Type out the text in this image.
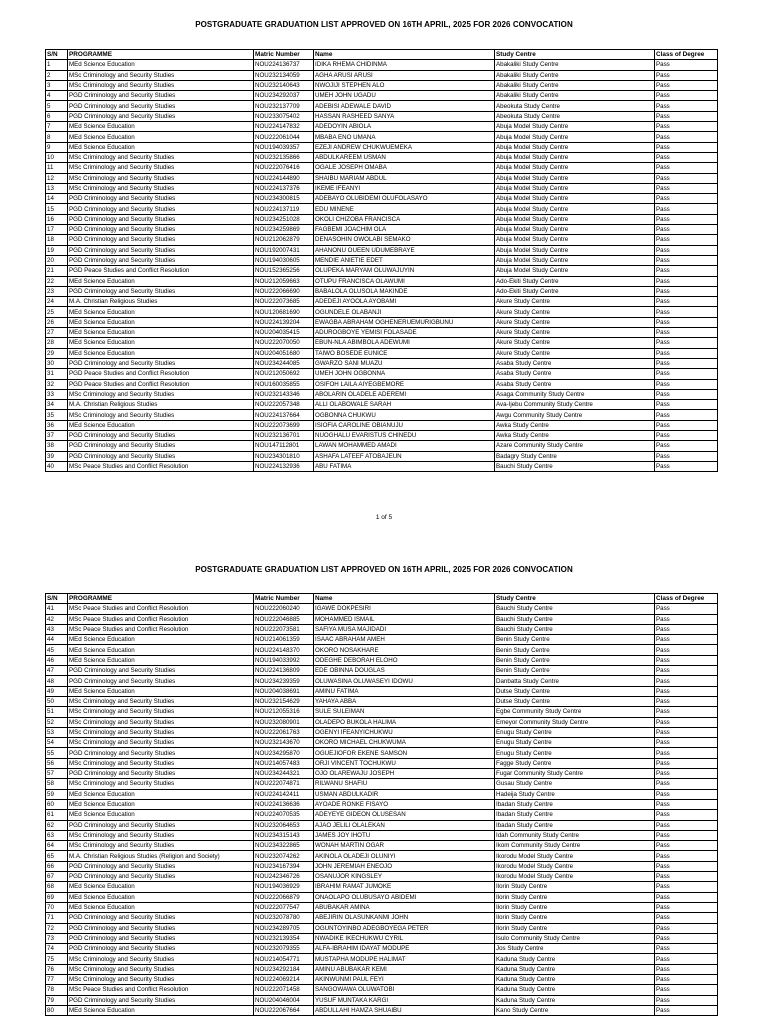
POSTGRADUATE GRADUATION LIST APPROVED ON 16TH APRIL, 2025 FOR 2026 CONVOCATION
S/N	PROGRAMME	Matric Number	Name	Study Centre	Class of Degree
1	MEd Science Education	NOU224136737	IDIKA RHEMA CHIDINMA	Abakaliki Study Centre	Pass
2	MSc Criminology and Security Studies	NOU232134059	AGHA ARUSI ARUSI	Abakaliki Study Centre	Pass
3	MSc Criminology and Security Studies	NOU232140643	NWOJIJI STEPHEN ALO	Abakaliki Study Centre	Pass
4	PGD Criminology and Security Studies	NOU234292037	UMEH JOHN UGADU	Abakaliki Study Centre	Pass
5	PGD Criminology and Security Studies	NOU232137709	ADEBISI ADEWALE DAVID	Abeokuta Study Centre	Pass
6	PGD Criminology and Security Studies	NOU233075402	HASSAN RASHEED SANYA	Abeokuta Study Centre	Pass
7	MEd Science Education	NOU224147832	ADEDOYIN ABIOLA	Abuja Model Study Centre	Pass
8	MEd Science Education	NOU222061044	MBABA ENO UMANA	Abuja Model Study Centre	Pass
9	MEd Science Education	NOU194039357	EZEJI ANDREW CHUKWUEMEKA	Abuja Model Study Centre	Pass
10	MSc Criminology and Security Studies	NOU232135866	ABDULKAREEM USMAN	Abuja Model Study Centre	Pass
11	MSc Criminology and Security Studies	NOU222076416	OGALE JOSEPH OMABA	Abuja Model Study Centre	Pass
12	MSc Criminology and Security Studies	NOU224144890	SHAIBU MARIAM ABDUL	Abuja Model Study Centre	Pass
13	MSc Criminology and Security Studies	NOU224137376	IKEME IFEANYI	Abuja Model Study Centre	Pass
14	PGD Criminology and Security Studies	NOU234300815	ADEBAYO OLUBIDEMI OLUFOLASAYO	Abuja Model Study Centre	Pass
15	PGD Criminology and Security Studies	NOU224137119	EDU MINENE	Abuja Model Study Centre	Pass
16	PGD Criminology and Security Studies	NOU234251028	OKOLI CHIZOBA FRANCISCA	Abuja Model Study Centre	Pass
17	PGD Criminology and Security Studies	NOU234259869	FAGBEMI JOACHIM OLA	Abuja Model Study Centre	Pass
18	PGD Criminology and Security Studies	NOU212062879	DENASOHIN OWOLABI SEMAKO	Abuja Model Study Centre	Pass
19	PGD Criminology and Security Studies	NOU192007431	AHANONU OUEEN UDUMEBRAYE	Abuja Model Study Centre	Pass
20	PGD Criminology and Security Studies	NOU194030605	MENDIE ANIETIE EDET	Abuja Model Study Centre	Pass
21	PGD Peace Studies and Conflict Resolution	NOU152365256	OLUPEKA MARYAM OLUWAJUYIN	Abuja Model Study Centre	Pass
22	MEd Science Education	NOU212059663	OTUPU FRANCISCA OLAWUMI	Ado-Ekiti Study Centre	Pass
23	PGD Criminology and Security Studies	NOU222066690	BABALOLA OLUSOLA MAKINDE	Ado-Ekiti Study Centre	Pass
24	M.A. Christian Religious Studies	NOU222073685	ADEDEJI AYOOLA AYOBAMI	Akure Study Centre	Pass
25	MEd Science Education	NOU120681690	OGUNDELE OLABANJI	Akure Study Centre	Pass
26	MEd Science Education	NOU224139204	EWAGBA ABRAHAM OGHENERUEMURIGBUNU	Akure Study Centre	Pass
27	MEd Science Education	NOU204035415	ADUROGBOYE YEMISI FOLASADE	Akure Study Centre	Pass
28	MEd Science Education	NOU222070050	EBUN-NLA ABIMBOLA ADEWUMI	Akure Study Centre	Pass
29	MEd Science Education	NOU204051680	TAIWO BOSEDE EUNICE	Akure Study Centre	Pass
30	PGD Criminology and Security Studies	NOU234244085	GWARZO SANI MUAZU	Asaba Study Centre	Pass
31	PGD Peace Studies and Conflict Resolution	NOU212050692	UMEH JOHN OGBONNA	Asaba Study Centre	Pass
32	PGD Peace Studies and Conflict Resolution	NOU160035855	OSIFOH LAILA AIYEGBEMORE	Asaba Study Centre	Pass
33	MSc Criminology and Security Studies	NOU232143346	ABOLARIN OLADELE ADEREMI	Asaga Community Study Centre	Pass
34	M.A. Christian Religious Studies	NOU222057348	ALLI OLABOWALE SARAH	Ava-Ijebu Community Study Centre	Pass
35	MSc Criminology and Security Studies	NOU224137664	OGBONNA CHUKWU	Awgu Community Study Centre	Pass
36	MEd Science Education	NOU222073699	ISIOFIA CAROLINE OBIANUJU	Awka Study Centre	Pass
37	PGD Criminology and Security Studies	NOU232136701	NUOGHALU EVARISTUS CHINEDU	Awka Study Centre	Pass
38	PGD Criminology and Security Studies	NOU147112801	LAWAN MOHAMMED AMADI	Azare Community Study Centre	Pass
39	PGD Criminology and Security Studies	NOU234301810	ASHAFA LATEEF ATOBAJEUN	Badagry Study Centre	Pass
40	MSc Peace Studies and Conflict Resolution	NOU224132936	ABU FATIMA	Bauchi Study Centre	Pass
1 of 5
POSTGRADUATE GRADUATION LIST APPROVED ON 16TH APRIL, 2025 FOR 2026 CONVOCATION
S/N	PROGRAMME	Matric Number	Name	Study Centre	Class of Degree
41	MSc Peace Studies and Conflict Resolution	NOU222060240	IGAWE DOKPESIRI	Bauchi Study Centre	Pass
42	MSc Peace Studies and Conflict Resolution	NOU222046885	MOHAMMED ISMAIL	Bauchi Study Centre	Pass
43	MSc Peace Studies and Conflict Resolution	NOU222073581	SAFIYA MUSA MAJIDADI	Bauchi Study Centre	Pass
44	MEd Science Education	NOU214061359	ISAAC ABRAHAM AMEH	Benin Study Centre	Pass
45	MEd Science Education	NOU224148370	OKORO NOSAKHARE	Benin Study Centre	Pass
46	MEd Science Education	NOU194033992	ODEGHE DEBORAH ELOHO	Benin Study Centre	Pass
47	PGD Criminology and Security Studies	NOU224136809	EDE OBINNA DOUGLAS	Benin Study Centre	Pass
48	PGD Criminology and Security Studies	NOU234239359	OLUWASINA OLUWASEYI IDOWU	Danbatta Study Centre	Pass
49	MEd Science Education	NOU204038691	AMINU FATIMA	Dutse Study Centre	Pass
50	MSc Criminology and Security Studies	NOU232154629	YAHAYA ABBA	Dutse Study Centre	Pass
51	MSc Criminology and Security Studies	NOU212055316	SULE SULEIMAN	Egbe Community Study Centre	Pass
52	MSc Criminology and Security Studies	NOU232080901	OLADEPO BUKOLA HALIMA	Emeyor Community Study Centre	Pass
53	MSc Criminology and Security Studies	NOU222061763	OGENYI IFEANYICHUKWU	Enugu Study Centre	Pass
54	MSc Criminology and Security Studies	NOU232143670	OKORO MICHAEL CHUKWUMA	Enugu Study Centre	Pass
55	PGD Criminology and Security Studies	NOU234295870	OGUEJIOFOR EKENE SAMSON	Enugu Study Centre	Pass
56	MSc Criminology and Security Studies	NOU214057483	ORJI VINCENT TOCHUKWU	Fagge Study Centre	Pass
57	PGD Criminology and Security Studies	NOU234244321	OJO OLAREWAJU JOSEPH	Fugar Community Study Centre	Pass
58	MSc Criminology and Security Studies	NOU222074871	RILWANU SHAFIU	Gusau Study Centre	Pass
59	MEd Science Education	NOU224142411	USMAN ABDULKADIR	Hadeija Study Centre	Pass
60	MEd Science Education	NOU224136636	AYOADE RONKE FISAYO	Ibadan Study Centre	Pass
61	MEd Science Education	NOU224070535	ADEYEYE GIDEON OLUSESAN	Ibadan Study Centre	Pass
62	PGD Criminology and Security Studies	NOU232064653	AJAO JELILI OLALEKAN	Ibadan Study Centre	Pass
63	MSc Criminology and Security Studies	NOU234315143	JAMES JOY IHOTU	Idah Community Study Centre	Pass
64	MSc Criminology and Security Studies	NOU234322865	WONAH MARTIN OGAR	Ikom Community Study Centre	Pass
65	M.A. Christian Religious Studies (Religion and Society)	NOU232074262	AKINOLA OLADEJI OLUNIYI	Ikorodu Model Study Centre	Pass
66	PGD Criminology and Security Studies	NOU234167394	JOHN JEREMIAH ENEOJO	Ikorodu Model Study Centre	Pass
67	PGD Criminology and Security Studies	NOU242346726	OSANUJOR KINGSLEY	Ikorodu Model Study Centre	Pass
68	MEd Science Education	NOU194036929	IBRAHIM RAMAT JUMOKE	Ilorin Study Centre	Pass
69	MEd Science Education	NOU222066879	ONAOLAPO OLUBUSAYO ABIDEMI	Ilorin Study Centre	Pass
70	MEd Science Education	NOU222077547	ABUBAKAR AMINA	Ilorin Study Centre	Pass
71	PGD Criminology and Security Studies	NOU232078780	ABEJIRIN OLASUNKANMI JOHN	Ilorin Study Centre	Pass
72	PGD Criminology and Security Studies	NOU234289705	OGUNTOYINBO ADEGBOYEGA PETER	Ilorin Study Centre	Pass
73	PGD Criminology and Security Studies	NOU232139354	NWADIKE IKECHUKWU CYRIL	Isulo Community Study Centre	Pass
74	PGD Criminology and Security Studies	NOU232079355	ALFA-IBRAHIM IDAYAT MODUPE	Jos Study Centre	Pass
75	MSc Criminology and Security Studies	NOU214054771	MUSTAPHA MODUPE HALIMAT	Kaduna Study Centre	Pass
76	MSc Criminology and Security Studies	NOU234292184	AMINU ABUBAKAR KEMI	Kaduna Study Centre	Pass
77	MSc Criminology and Security Studies	NOU224069214	AKINWUNMI PAUL FEYI	Kaduna Study Centre	Pass
78	MSc Peace Studies and Conflict Resolution	NOU222071458	SANGOWAWA OLUWATOBI	Kaduna Study Centre	Pass
79	PGD Criminology and Security Studies	NOU204046004	YUSUF MUNTAKA KARGI	Kaduna Study Centre	Pass
80	MEd Science Education	NOU222067664	ABDULLAHI HAMZA SHUAIBU	Kano Study Centre	Pass
